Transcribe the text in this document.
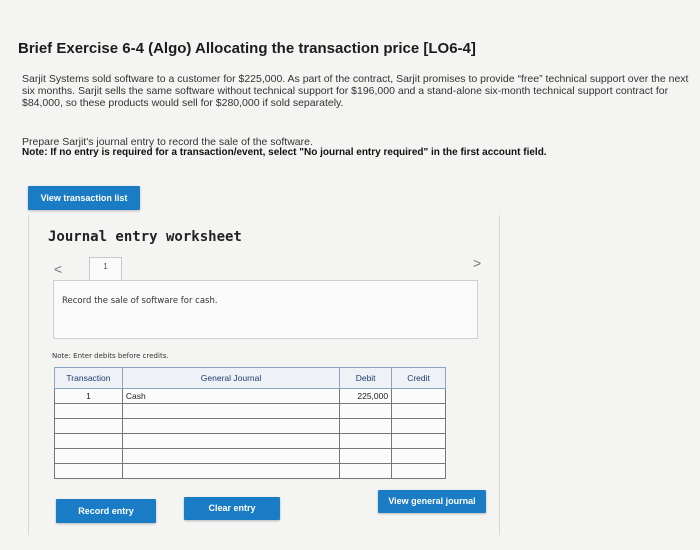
Brief Exercise 6-4 (Algo) Allocating the transaction price [LO6-4]
Sarjit Systems sold software to a customer for $225,000. As part of the contract, Sarjit promises to provide “free” technical support over the next six months. Sarjit sells the same software without technical support for $196,000 and a stand-alone six-month technical support contract for $84,000, so these products would sell for $280,000 if sold separately.
Prepare Sarjit's journal entry to record the sale of the software.
Note: If no entry is required for a transaction/event, select "No journal entry required" in the first account field.
View transaction list
Journal entry worksheet
<	1	>
Record the sale of software for cash.
Note: Enter debits before credits.
Transaction	General Journal	Debit	Credit
1	Cash	225,000	

Record entry	Clear entry
View general journal
